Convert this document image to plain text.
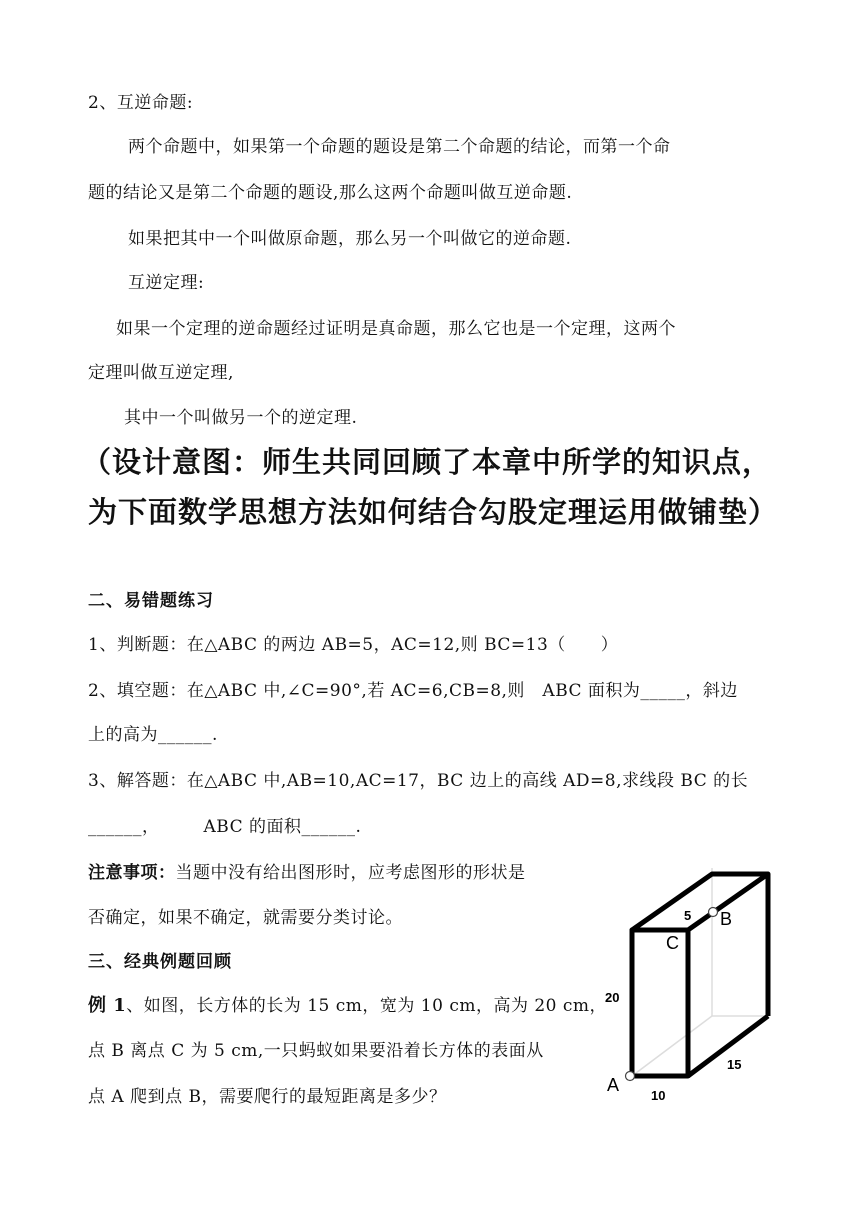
2、互逆命题:
两个命题中，如果第一个命题的题设是第二个命题的结论，而第一个命
题的结论又是第二个命题的题设,那么这两个命题叫做互逆命题.
如果把其中一个叫做原命题，那么另一个叫做它的逆命题.
互逆定理:
如果一个定理的逆命题经过证明是真命题，那么它也是一个定理，这两个
定理叫做互逆定理,
其中一个叫做另一个的逆定理.
（设计意图：师生共同回顾了本章中所学的知识点，
为下面数学思想方法如何结合勾股定理运用做铺垫）
二、易错题练习
1、判断题：在△ABC 的两边 AB=5，AC=12,则 BC=13（　　）
2、填空题：在△ABC 中,∠C=90°,若 AC=6,CB=8,则　ABC 面积为_____，斜边
上的高为______.
3、解答题：在△ABC 中,AB=10,AC=17，BC 边上的高线 AD=8,求线段 BC 的长
______，　　　ABC 的面积______.
注意事项：当题中没有给出图形时，应考虑图形的形状是
否确定，如果不确定，就需要分类讨论。
三、经典例题回顾
例 1、如图，长方体的长为 15 cm，宽为 10 cm，高为 20 cm，
点 B 离点 C 为 5 cm,一只蚂蚁如果要沿着长方体的表面从
点 A 爬到点 B，需要爬行的最短距离是多少？
A
B
C
5
20
15
10
